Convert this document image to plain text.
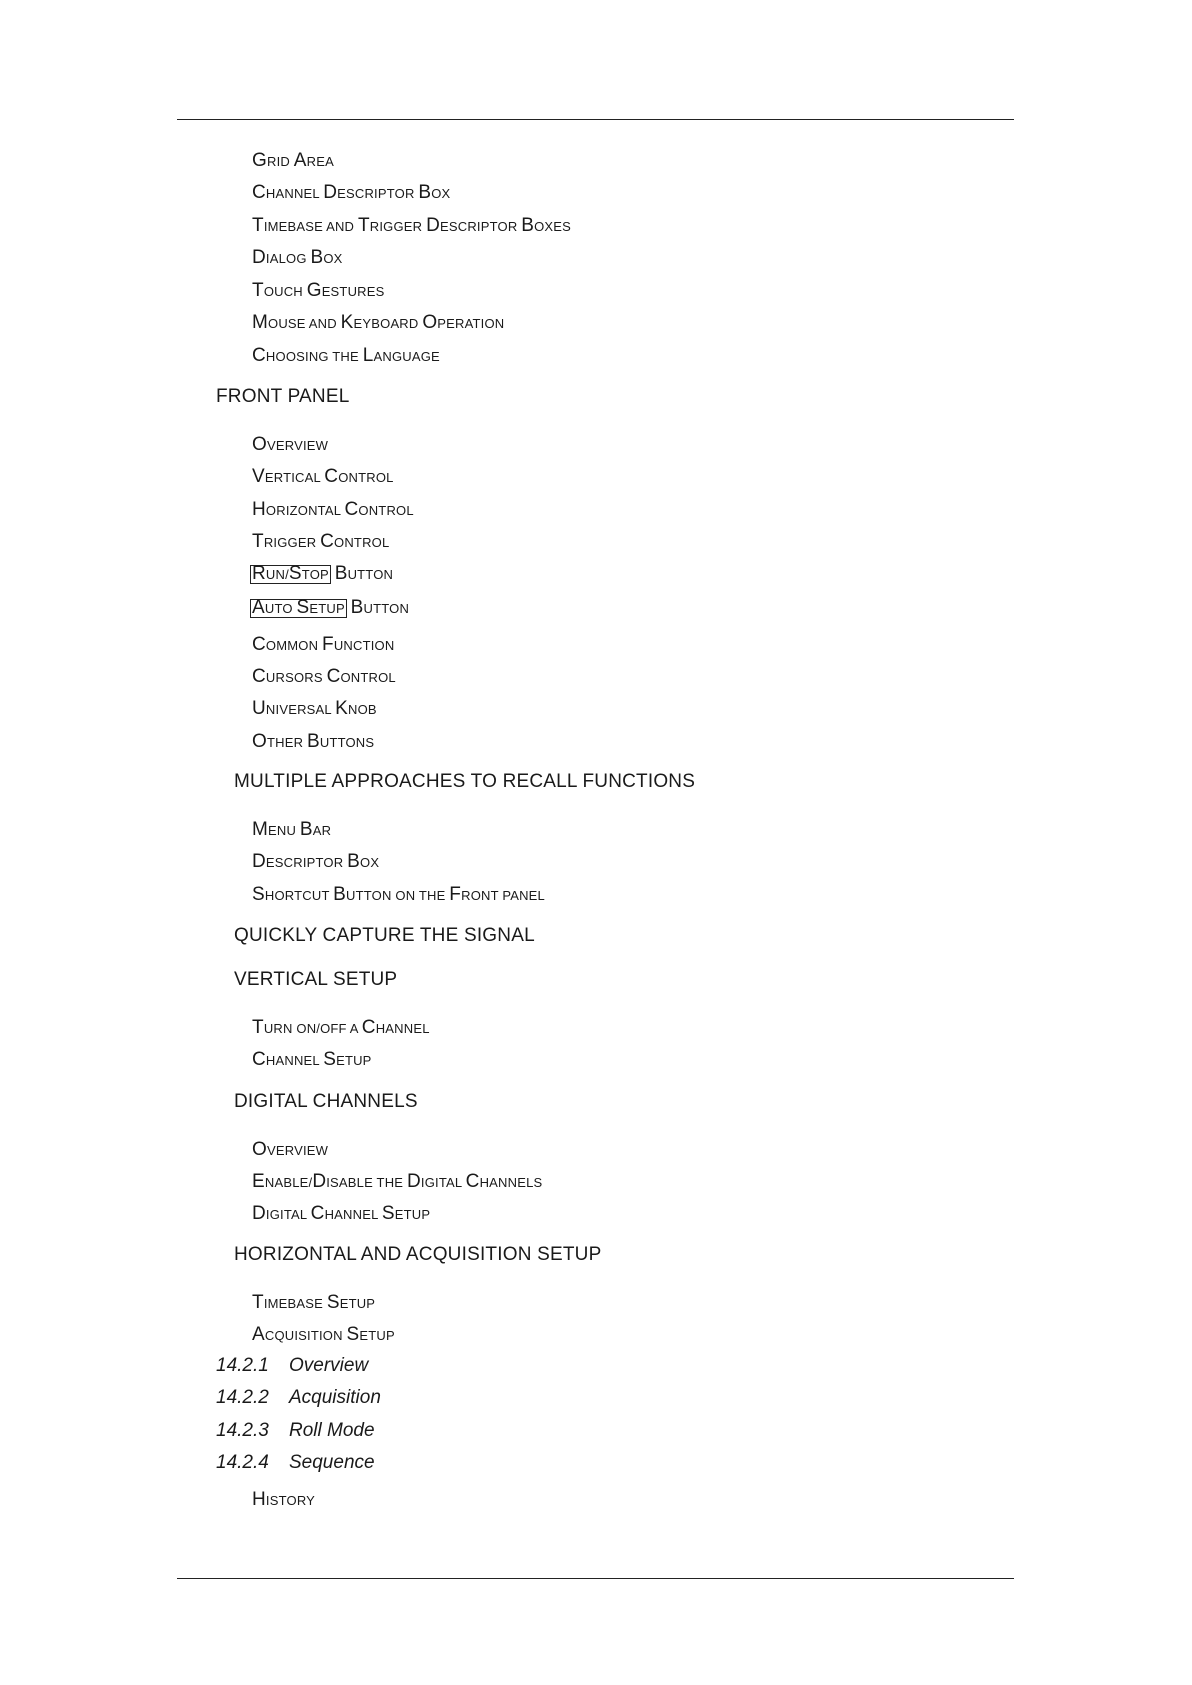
GRID AREA
CHANNEL DESCRIPTOR BOX
TIMEBASE AND TRIGGER DESCRIPTOR BOXES
DIALOG BOX
TOUCH GESTURES
MOUSE AND KEYBOARD OPERATION
CHOOSING THE LANGUAGE
FRONT PANEL
OVERVIEW
VERTICAL CONTROL
HORIZONTAL CONTROL
TRIGGER CONTROL
RUN/STOP BUTTON
AUTO SETUP BUTTON
COMMON FUNCTION
CURSORS CONTROL
UNIVERSAL KNOB
OTHER BUTTONS
MULTIPLE APPROACHES TO RECALL FUNCTIONS
MENU BAR
DESCRIPTOR BOX
SHORTCUT BUTTON ON THE FRONT PANEL
QUICKLY CAPTURE THE SIGNAL
VERTICAL SETUP
TURN ON/OFF A CHANNEL
CHANNEL SETUP
DIGITAL CHANNELS
OVERVIEW
ENABLE/DISABLE THE DIGITAL CHANNELS
DIGITAL CHANNEL SETUP
HORIZONTAL AND ACQUISITION SETUP
TIMEBASE SETUP
ACQUISITION SETUP
14.2.1 Overview
14.2.2 Acquisition
14.2.3 Roll Mode
14.2.4 Sequence
HISTORY
